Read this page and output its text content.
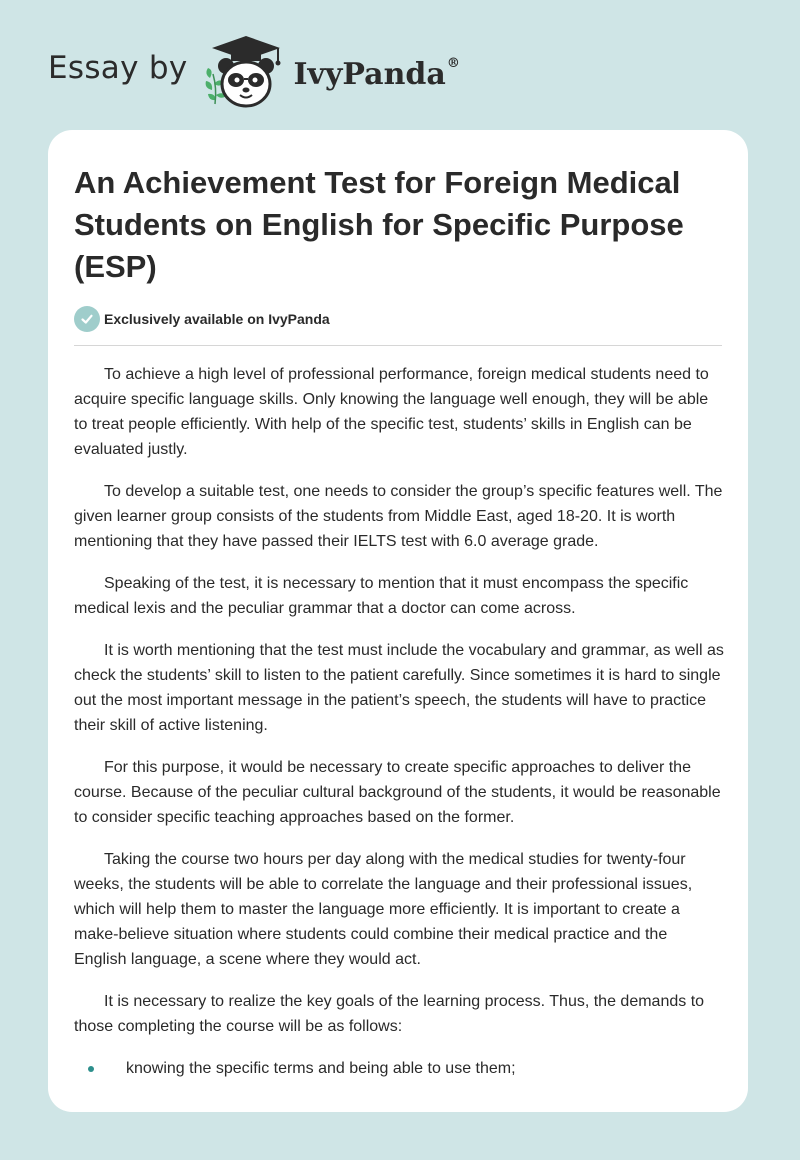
Essay by	IvyPanda®
An Achievement Test for Foreign Medical Students on English for Specific Purpose (ESP)
Exclusively available on IvyPanda

To achieve a high level of professional performance, foreign medical students need to acquire specific language skills. Only knowing the language well enough, they will be able to treat people efficiently. With help of the specific test, students’ skills in English can be evaluated justly.

To develop a suitable test, one needs to consider the group’s specific features well. The given learner group consists of the students from Middle East, aged 18-20. It is worth mentioning that they have passed their IELTS test with 6.0 average grade.

Speaking of the test, it is necessary to mention that it must encompass the specific medical lexis and the peculiar grammar that a doctor can come across.

It is worth mentioning that the test must include the vocabulary and grammar, as well as check the students’ skill to listen to the patient carefully. Since sometimes it is hard to single out the most important message in the patient’s speech, the students will have to practice their skill of active listening.

For this purpose, it would be necessary to create specific approaches to deliver the course. Because of the peculiar cultural background of the students, it would be reasonable to consider specific teaching approaches based on the former.

Taking the course two hours per day along with the medical studies for twenty-four weeks, the students will be able to correlate the language and their professional issues, which will help them to master the language more efficiently. It is important to create a make-believe situation where students could combine their medical practice and the English language, a scene where they would act.

It is necessary to realize the key goals of the learning process. Thus, the demands to those completing the course will be as follows:

knowing the specific terms and being able to use them;
